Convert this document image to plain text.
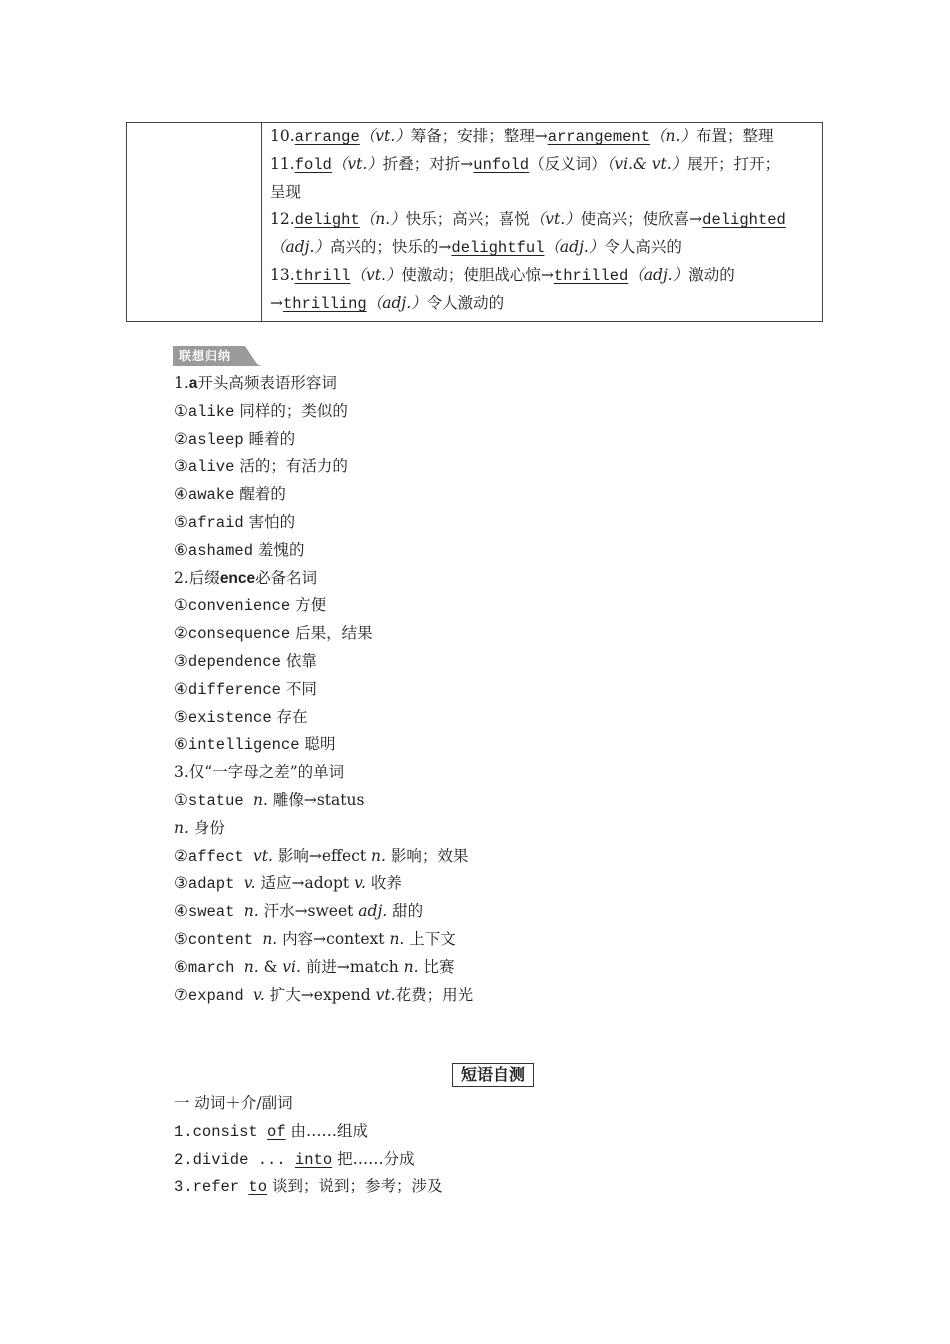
10.arrange（vt.）筹备；安排；整理→arrangement（n.）布置；整理
11.fold（vt.）折叠；对折→unfold（反义词）（vi.& vt.）展开；打开；
呈现
12.delight（n.）快乐；高兴；喜悦（vt.）使高兴；使欣喜→delighted
（adj.）高兴的；快乐的→delightful（adj.）令人高兴的
13.thrill（vt.）使激动；使胆战心惊→thrilled（adj.）激动的
→thrilling（adj.）令人激动的
联想归纳
1.a开头高频表语形容词
①alike 同样的；类似的
②asleep 睡着的
③alive 活的；有活力的
④awake 醒着的
⑤afraid 害怕的
⑥ashamed 羞愧的
2.后缀ence必备名词
①convenience 方便
②consequence 后果，结果
③dependence 依靠
④difference 不同
⑤existence 存在
⑥intelligence 聪明
3.仅“一字母之差”的单词
①statue n. 雕像→status
n. 身份
②affect vt. 影响→effect n. 影响；效果
③adapt v. 适应→adopt v. 收养
④sweat n. 汗水→sweet adj. 甜的
⑤content n. 内容→context n. 上下文
⑥march n. & vi. 前进→match n. 比赛
⑦expand v. 扩大→expend vt.花费；用光
短语自测
一 动词＋介/副词
1.consist of 由……组成
2.divide ... into 把……分成
3.refer to 谈到；说到；参考；涉及
